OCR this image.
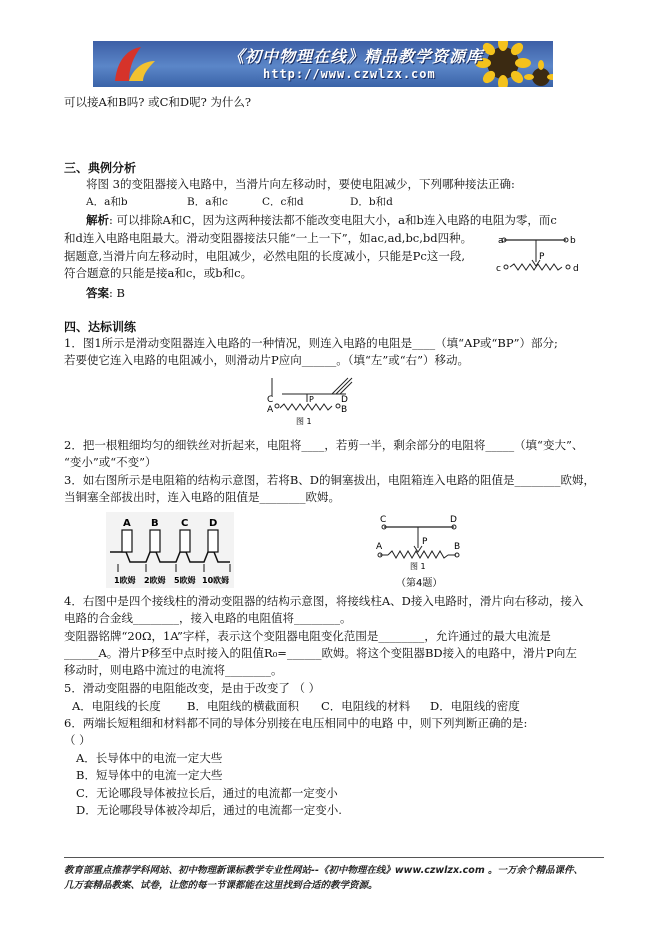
《初中物理在线》精品教学资源库
http://www.czwlzx.com
可以接A和B吗? 或C和D呢? 为什么?
三、典例分析
将图 3的变阻器接入电路中，当滑片向左移动时，要使电阻减少，下列哪种接法正确:
A．a和b	B．a和c	C．c和d	D．b和d
解析: 可以排除A和C，因为这两种接法都不能改变电阻大小，a和b连入电路的电阻为零，而c
和d连入电路电阻最大。滑动变阻器接法只能“一上一下”，如ac,ad,bc,bd四种。
据题意,当滑片向左移动时，电阻减少，必然电阻的长度减小，只能是Pc这一段,
符合题意的只能是接a和c，或b和c。
答案: B
a	b
c	d
P
四、达标训练
1．图1所示是滑动变阻器连入电路的一种情况，则连入电路的电阻是____（填“AP或“BP”）部分;
若要使它连入电路的电阻减小，则滑动片P应向______。（填“左”或“右”）移动。
C
A
D
B
P
图 1
2．把一根粗细均匀的细铁丝对折起来，电阻将____，若剪一半，剩余部分的电阻将_____（填“变大”、
“变小”或“不变”）
3．如右图所示是电阻箱的结构示意图，若将B、D的铜塞拔出，电阻箱连入电路的阻值是________欧姆，
当铜塞全部拔出时，连入电路的阻值是________欧姆。
A B C D
1欧姆 2欧姆 5欧姆 10欧姆
C	D
A	B
P
图 1
（第4题）
4．右图中是四个接线柱的滑动变阻器的结构示意图，将接线柱A、D接入电路时，滑片向右移动，接入
电路的合金线________，接入电路的电阻值将________。
变阻器铭牌“20Ω，1A”字样，表示这个变阻器电阻变化范围是________，允许通过的最大电流是
______A。滑片P移至中点时接入的阻值R₀=______欧姆。将这个变阻器BD接入的电路中，滑片P向左
移动时，则电路中流过的电流将________。
5．滑动变阻器的电阻能改变，是由于改变了 （ ）
A．电阻线的长度 B．电阻线的横截面积 C．电阻线的材料 D．电阻线的密度
6．两端长短粗细和材料都不同的导体分别接在电压相同中的电路 中，则下列判断正确的是:
（ ）
A．长导体中的电流一定大些
B．短导体中的电流一定大些
C．无论哪段导体被拉长后，通过的电流都一定变小
D．无论哪段导体被冷却后，通过的电流都一定变小.
教育部重点推荐学科网站、初中物理新课标教学专业性网站--《初中物理在线》www.czwlzx.com 。一万余个精品课件、
几万套精品教案、试卷，让您的每一节课都能在这里找到合适的教学资源。
